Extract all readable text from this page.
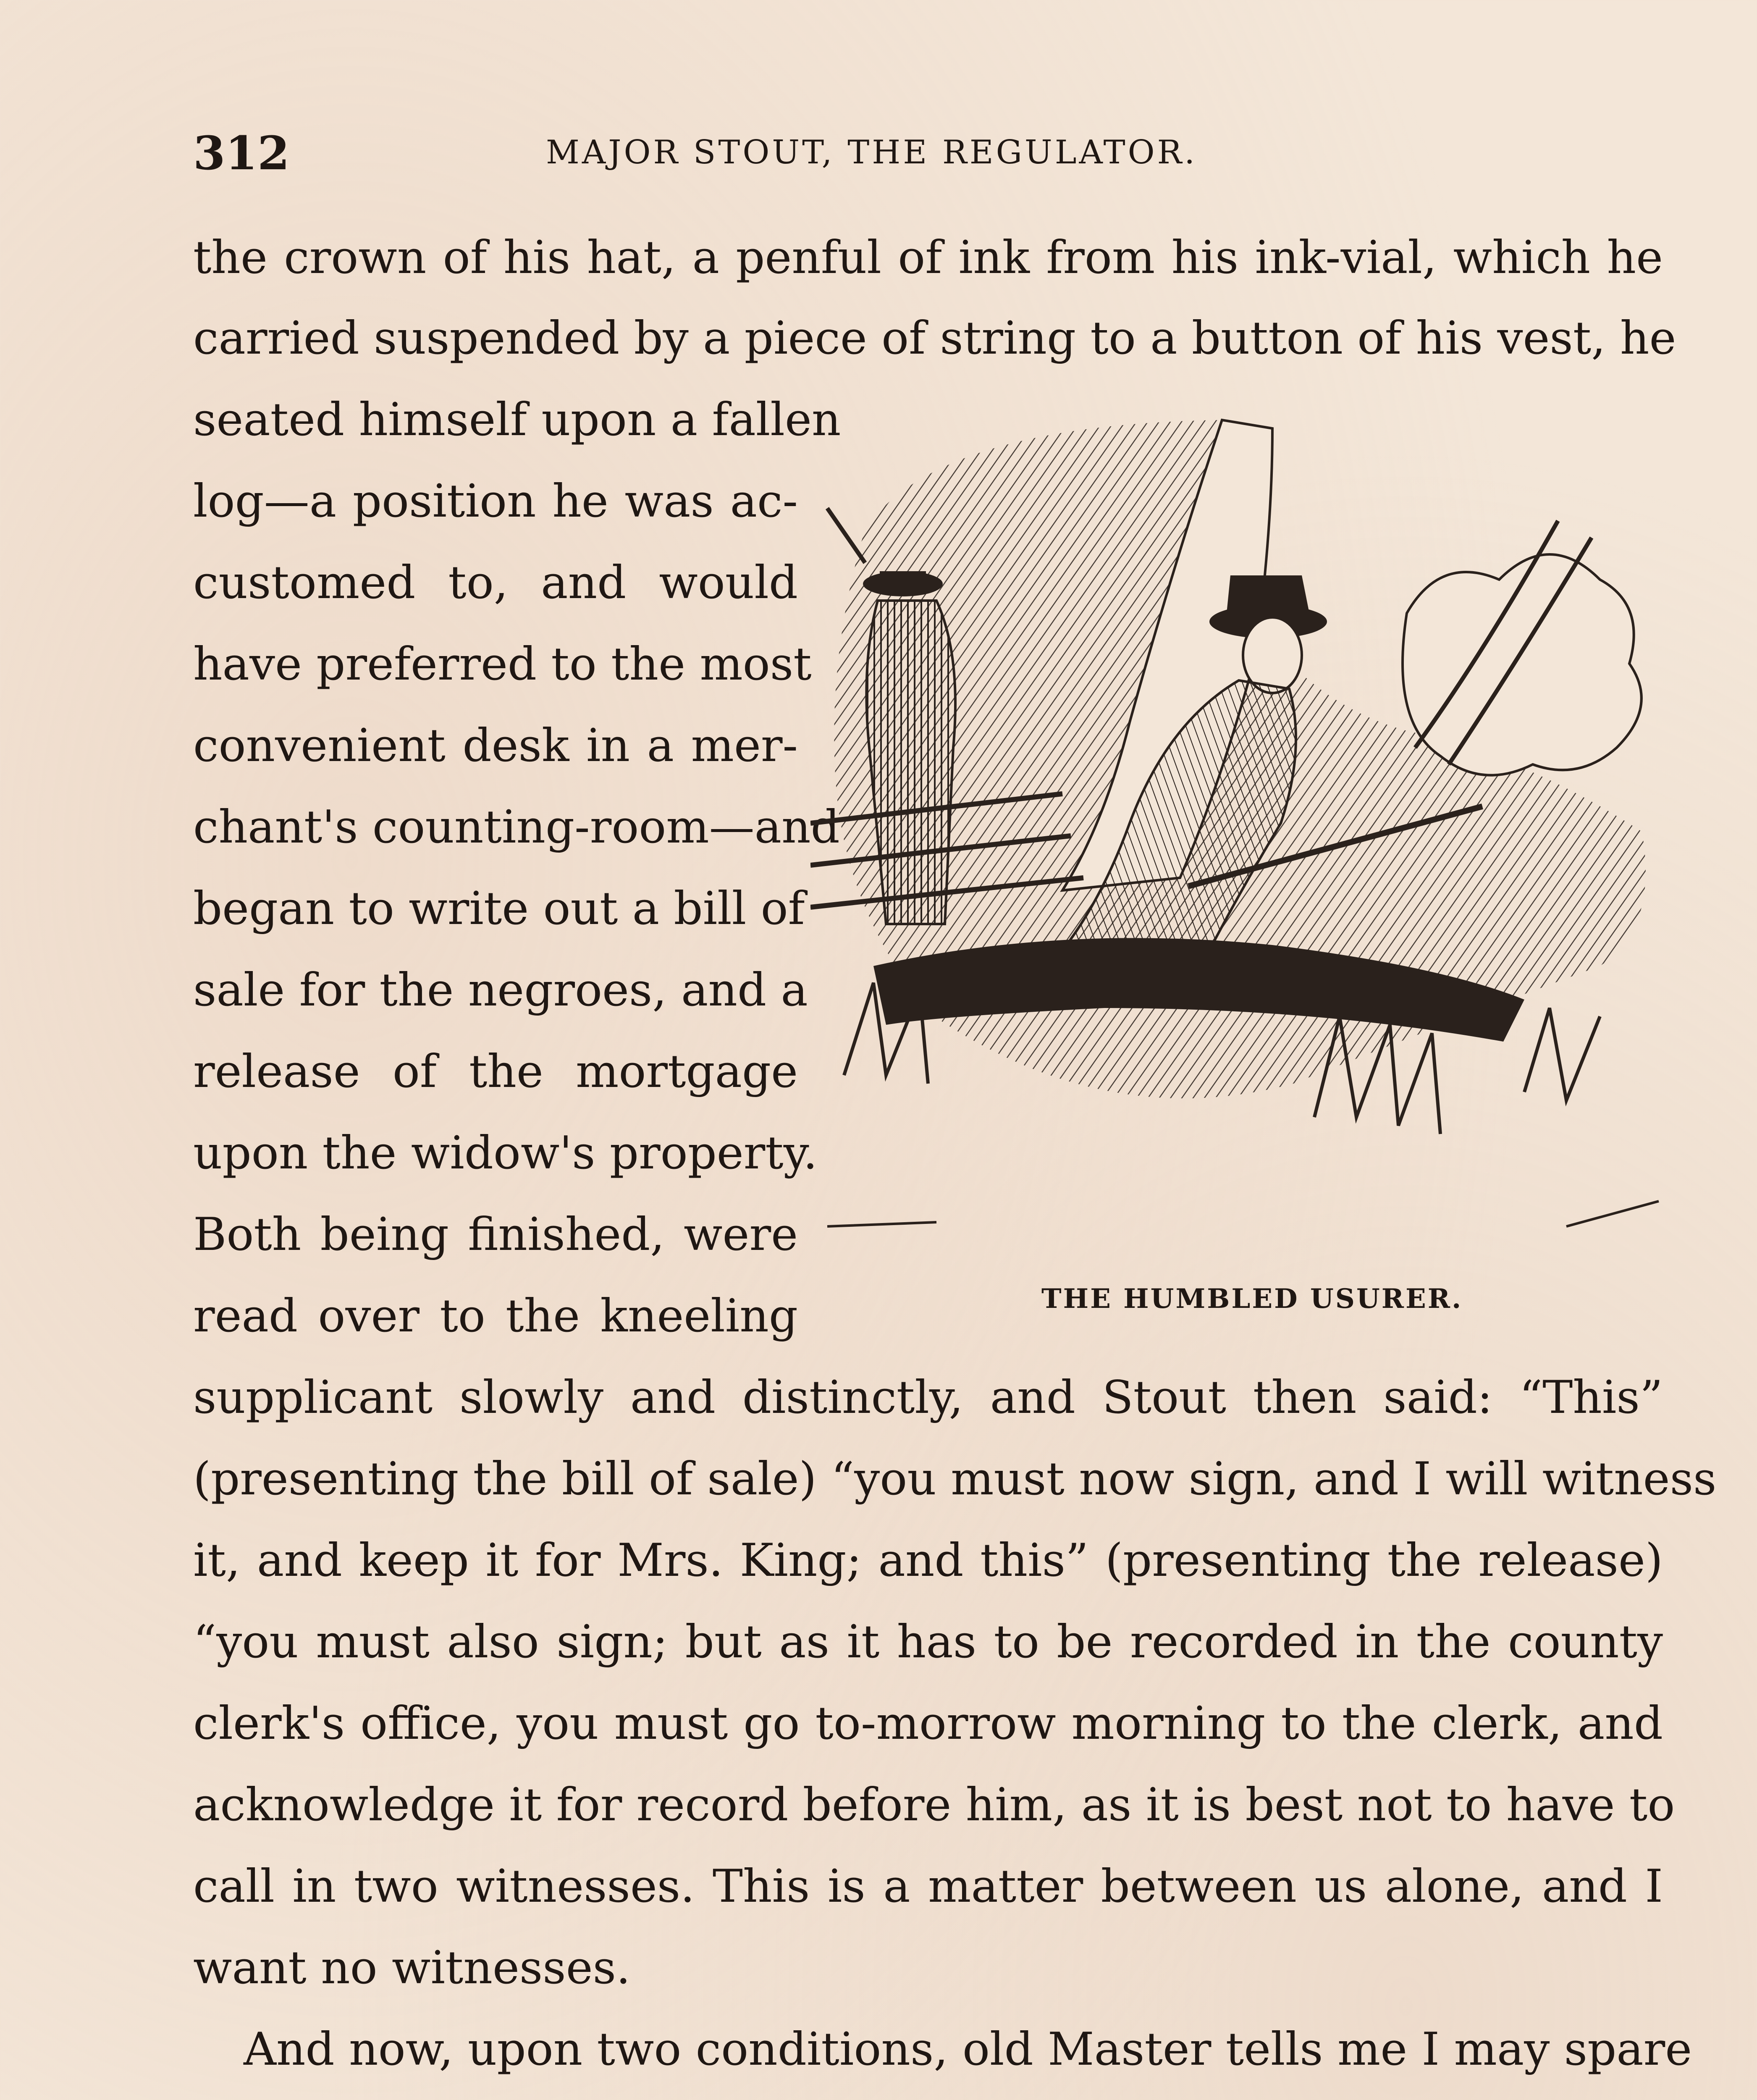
312	MAJOR STOUT, THE REGULATOR.
the crown of his hat, a penful of ink from his ink-vial, which he
carried suspended by a piece of string to a button of his vest, he
seated himself upon a fallen
log—a position he was ac-
customed to, and would
have preferred to the most
convenient desk in a mer-
chant's counting-room—and
began to write out a bill of
sale for the negroes, and a
release of the mortgage
upon the widow's property.
Both being finished, were
read over to the kneeling	THE HUMBLED USURER.
supplicant slowly and distinctly, and Stout then said: “This”
(presenting the bill of sale) “you must now sign, and I will witness
it, and keep it for Mrs. King; and this” (presenting the release)
“you must also sign; but as it has to be recorded in the county
clerk's office, you must go to-morrow morning to the clerk, and
acknowledge it for record before him, as it is best not to have to
call in two witnesses. This is a matter between us alone, and I
want no witnesses.
And now, upon two conditions, old Master tells me I may spare
